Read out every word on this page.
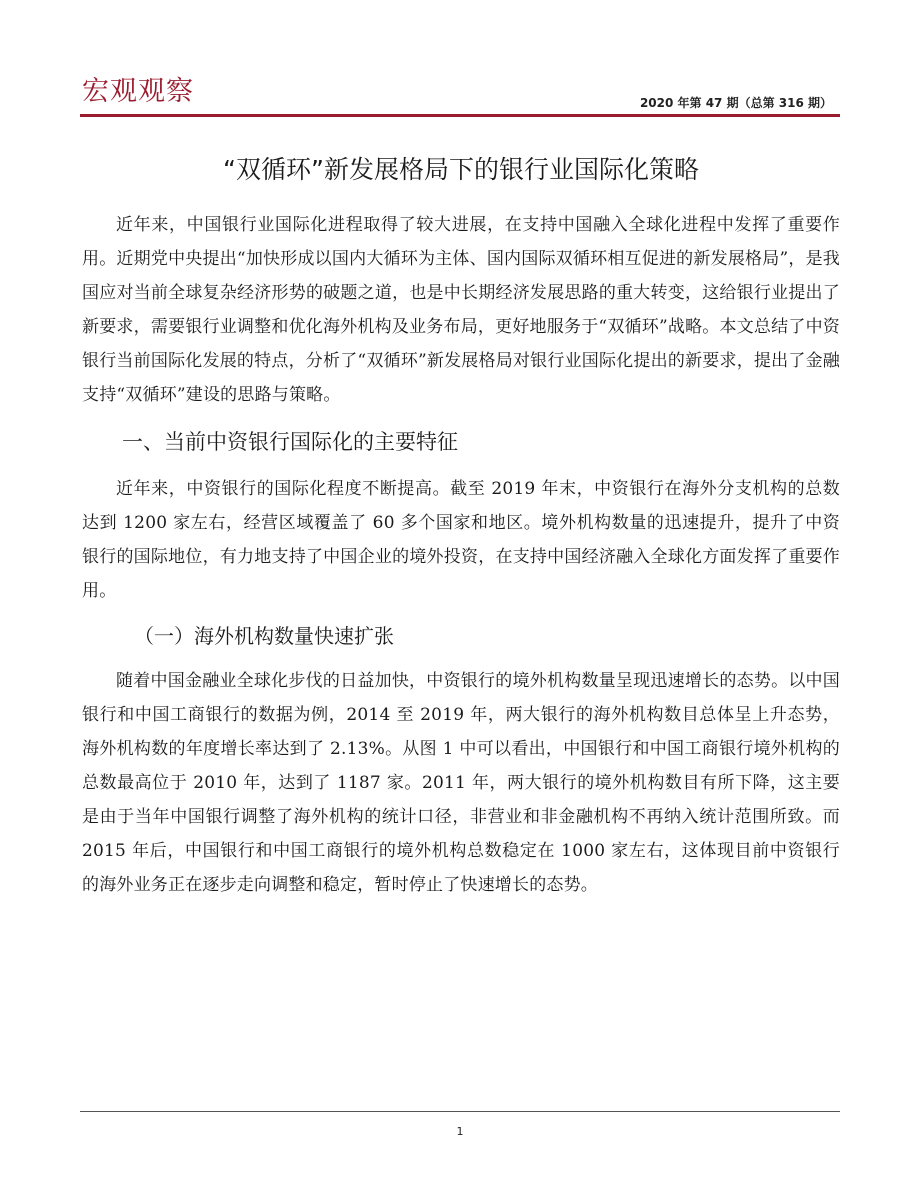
宏观观察	2020 年第 47 期（总第 316 期）
“双循环”新发展格局下的银行业国际化策略

近年来，中国银行业国际化进程取得了较大进展，在支持中国融入全球化进程中发挥了重要作用。近期党中央提出“加快形成以国内大循环为主体、国内国际双循环相互促进的新发展格局”，是我国应对当前全球复杂经济形势的破题之道，也是中长期经济发展思路的重大转变，这给银行业提出了新要求，需要银行业调整和优化海外机构及业务布局，更好地服务于“双循环”战略。本文总结了中资银行当前国际化发展的特点，分析了“双循环”新发展格局对银行业国际化提出的新要求，提出了金融支持“双循环”建设的思路与策略。

一、当前中资银行国际化的主要特征

近年来，中资银行的国际化程度不断提高。截至 2019 年末，中资银行在海外分支机构的总数达到 1200 家左右，经营区域覆盖了 60 多个国家和地区。境外机构数量的迅速提升，提升了中资银行的国际地位，有力地支持了中国企业的境外投资，在支持中国经济融入全球化方面发挥了重要作用。

（一）海外机构数量快速扩张

随着中国金融业全球化步伐的日益加快，中资银行的境外机构数量呈现迅速增长的态势。以中国银行和中国工商银行的数据为例，2014 至 2019 年，两大银行的海外机构数目总体呈上升态势，海外机构数的年度增长率达到了 2.13%。从图 1 中可以看出，中国银行和中国工商银行境外机构的总数最高位于 2010 年，达到了 1187 家。2011 年，两大银行的境外机构数目有所下降，这主要是由于当年中国银行调整了海外机构的统计口径，非营业和非金融机构不再纳入统计范围所致。而 2015 年后，中国银行和中国工商银行的境外机构总数稳定在 1000 家左右，这体现目前中资银行的海外业务正在逐步走向调整和稳定，暂时停止了快速增长的态势。

1
